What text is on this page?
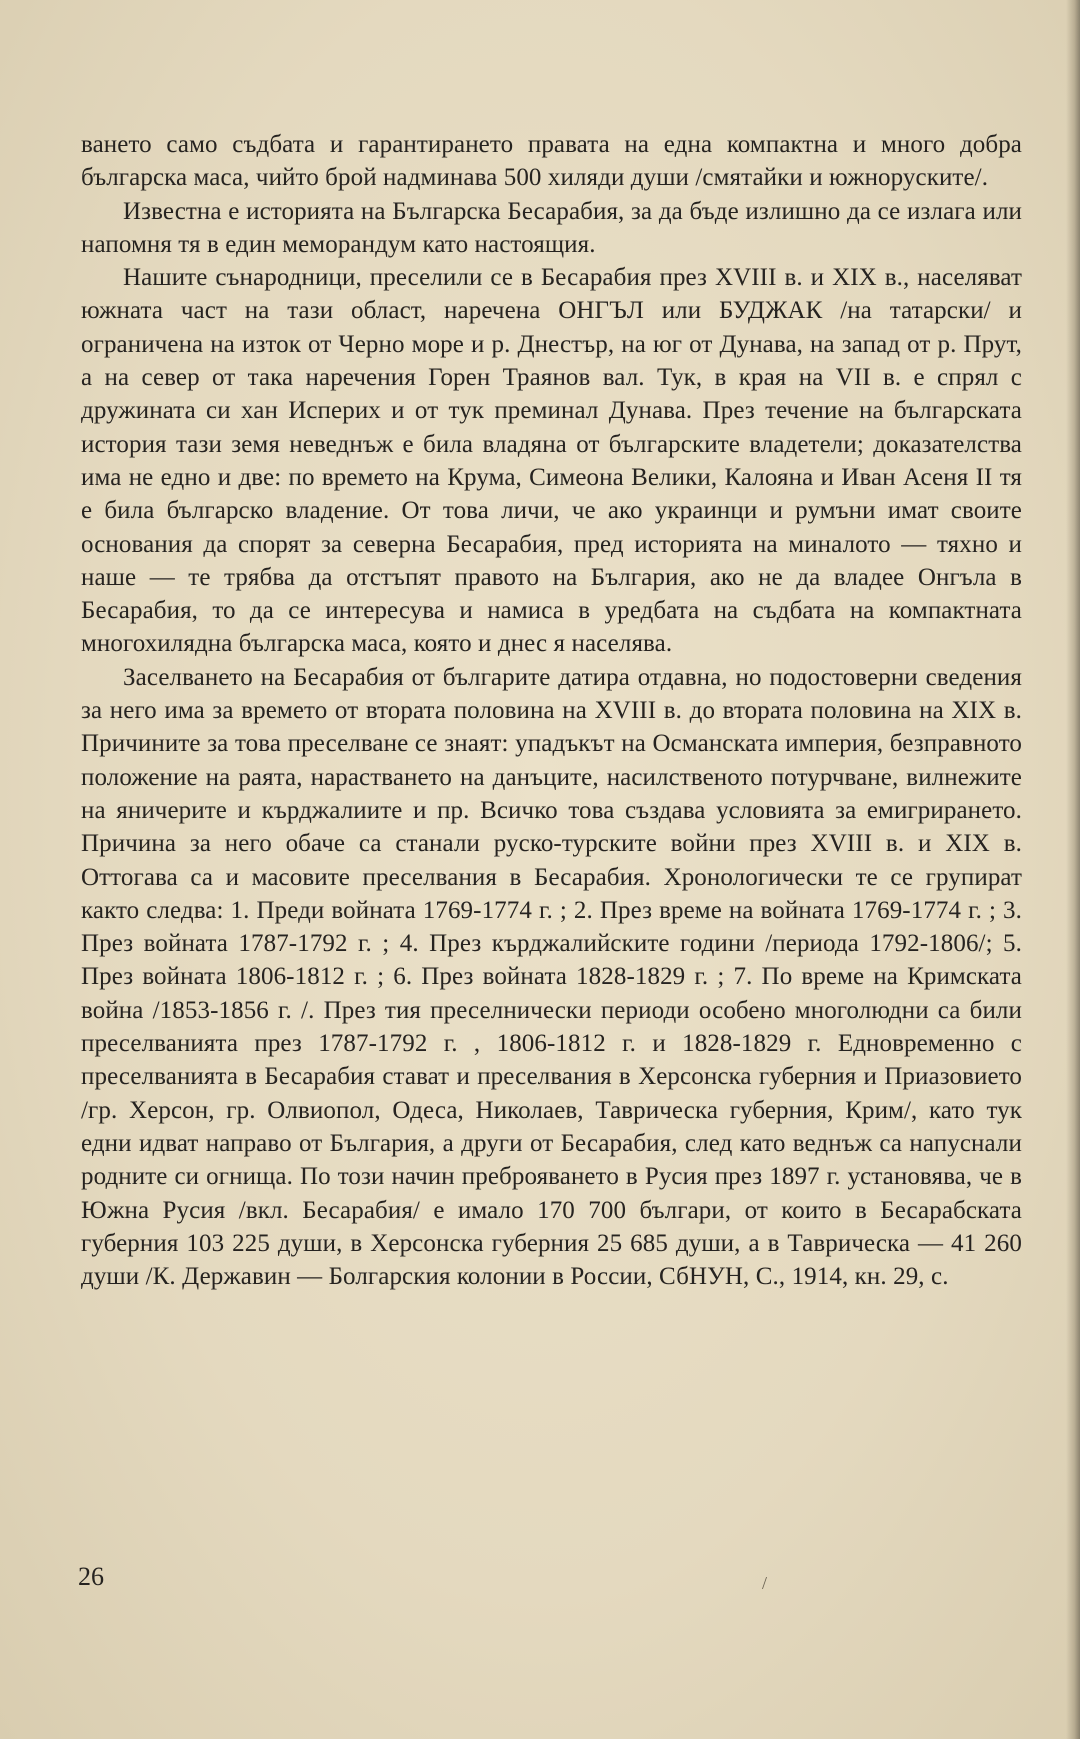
ването само съдбата и гарантирането правата на една компактна и много добра българска маса, чийто брой надминава 500 хиляди души /смятайки и южноруските/.

Известна е историята на Българска Бесарабия, за да бъде излишно да се излага или напомня тя в един меморандум като настоящия.

Нашите сънародници, преселили се в Бесарабия през XVIII в. и XIX в., населяват южната част на тази област, наречена ОНГЪЛ или БУДЖАК /на татарски/ и ограничена на изток от Черно море и р. Днестър, на юг от Дунава, на запад от р. Прут, а на север от така наречения Горен Траянов вал. Тук, в края на VII в. е спрял с дружината си хан Исперих и от тук преминал Дунава. През течение на българската история тази земя неведнъж е била владяна от българските владетели; доказателства има не едно и две: по времето на Крума, Симеона Велики, Калояна и Иван Асеня II тя е била българско владение. От това личи, че ако украинци и румъни имат своите основания да спорят за северна Бесарабия, пред историята на миналото — тяхно и наше — те трябва да отстъпят правото на България, ако не да владее Онгъла в Бесарабия, то да се интересува и намиса в уредбата на съдбата на компактната многохилядна българска маса, която и днес я населява.

Заселването на Бесарабия от българите датира отдавна, но подостоверни сведения за него има за времето от втората половина на XVIII в. до втората половина на XIX в. Причините за това преселване се знаят: упадъкът на Османската империя, безправното положение на раята, нарастването на данъците, насилственото потурчване, вилнежите на яничерите и кърджалиите и пр. Всичко това създава условията за емигрирането. Причина за него обаче са станали руско-турските войни през XVIII в. и XIX в. Оттогава са и масовите преселвания в Бесарабия. Хронологически те се групират както следва: 1. Преди войната 1769-1774 г. ; 2. През време на войната 1769-1774 г. ; 3. През войната 1787-1792 г. ; 4. През кърджалийските години /периода 1792-1806/; 5. През войната 1806-1812 г. ; 6. През войната 1828-1829 г. ; 7. По време на Кримската война /1853-1856 г. /. През тия преселнически периоди особено многолюдни са били преселванията през 1787-1792 г. , 1806-1812 г. и 1828-1829 г. Едновременно с преселванията в Бесарабия стават и преселвания в Херсонска губерния и Приазовието /гр. Херсон, гр. Олвиопол, Одеса, Николаев, Таврическа губерния, Крим/, като тук едни идват направо от България, а други от Бесарабия, след като веднъж са напуснали родните си огнища. По този начин преброяването в Русия през 1897 г. установява, че в Южна Русия /вкл. Бесарабия/ е имало 170 700 българи, от които в Бесарабската губерния 103 225 души, в Херсонска губерния 25 685 души, а в Таврическа — 41 260 души /К. Державин — Болгарския колонии в России, СбНУН, С., 1914, кн. 29, с.

26	/
